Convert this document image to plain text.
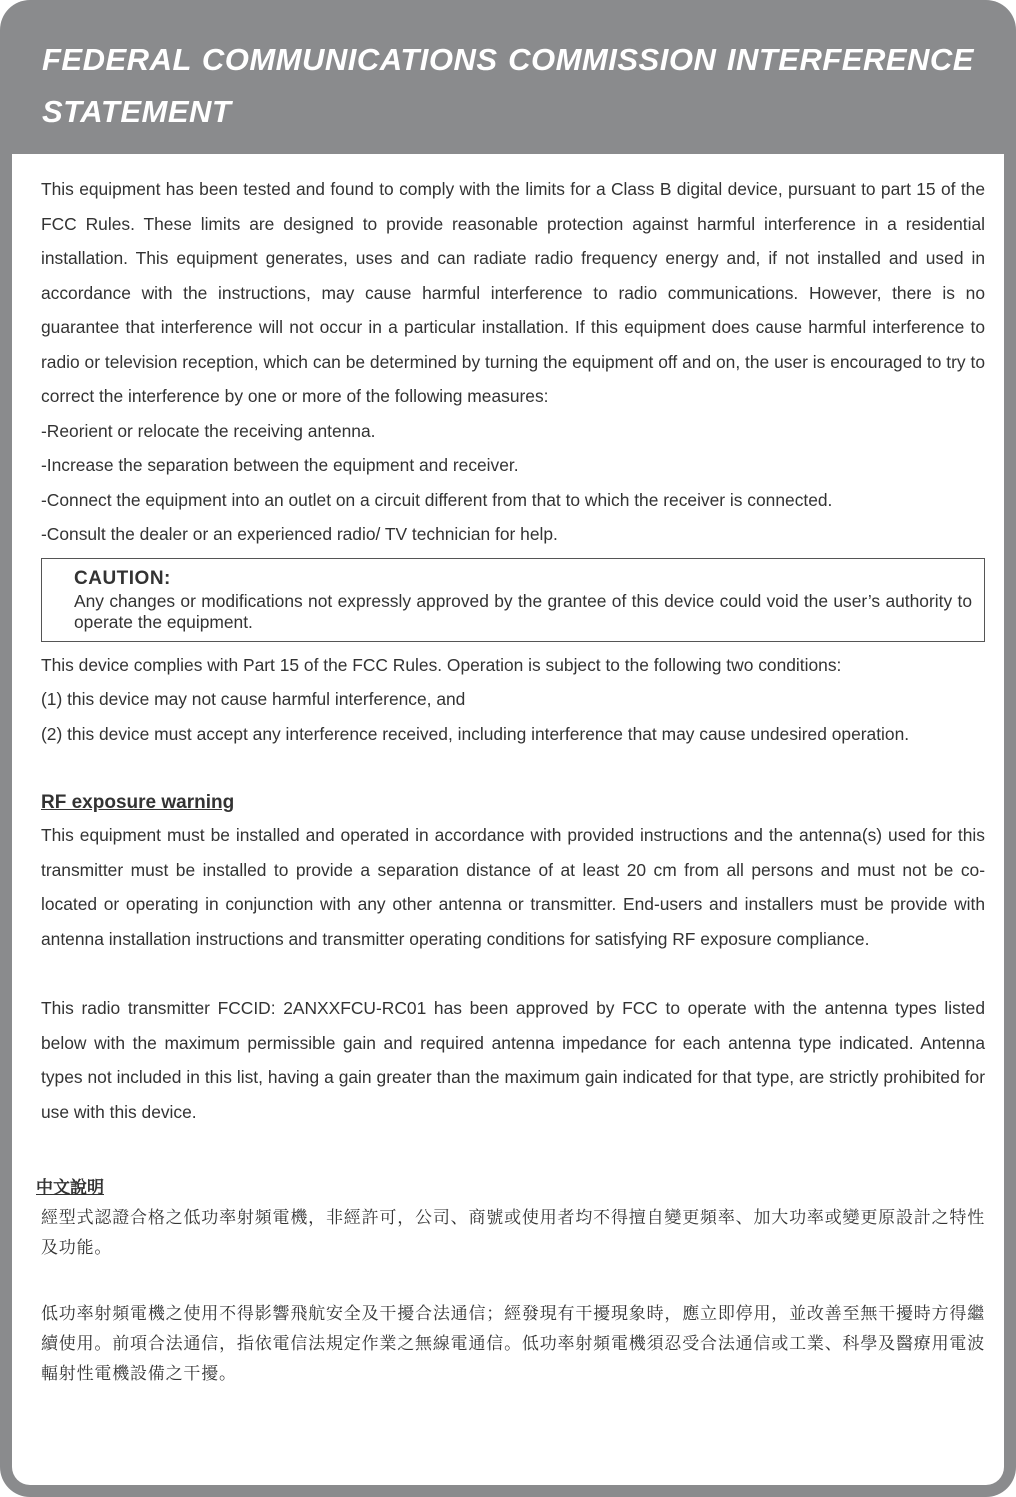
FEDERAL COMMUNICATIONS COMMISSION INTERFERENCE STATEMENT

This equipment has been tested and found to comply with the limits for a Class B digital device, pursuant to part 15 of the FCC Rules. These limits are designed to provide reasonable protection against harmful interference in a residential installation. This equipment generates, uses and can radiate radio frequency energy and, if not installed and used in accordance with the instructions, may cause harmful interference to radio communications. However, there is no guarantee that interference will not occur in a particular installation. If this equipment does cause harmful interference to radio or television reception, which can be determined by turning the equipment off and on, the user is encouraged to try to correct the interference by one or more of the following measures:

-Reorient or relocate the receiving antenna.

-Increase the separation between the equipment and receiver.

-Connect the equipment into an outlet on a circuit different from that to which the receiver is connected.

-Consult the dealer or an experienced radio/ TV technician for help.

CAUTION:
Any changes or modifications not expressly approved by the grantee of this device could void the user’s authority to operate the equipment.

This device complies with Part 15 of the FCC Rules. Operation is subject to the following two conditions:

(1) this device may not cause harmful interference, and

(2) this device must accept any interference received, including interference that may cause undesired operation.

RF exposure warning

This equipment must be installed and operated in accordance with provided instructions and the antenna(s) used for this transmitter must be installed to provide a separation distance of at least 20 cm from all persons and must not be co-located or operating in conjunction with any other antenna or transmitter. End-users and installers must be provide with antenna installation instructions and transmitter operating conditions for satisfying RF exposure compliance.

This radio transmitter FCCID: 2ANXXFCU-RC01 has been approved by FCC to operate with the antenna types listed below with the maximum permissible gain and required antenna impedance for each antenna type indicated. Antenna types not included in this list, having a gain greater than the maximum gain indicated for that type, are strictly prohibited for use with this device.

中文說明

經型式認證合格之低功率射頻電機，非經許可，公司、商號或使用者均不得擅自變更頻率、加大功率或變更原設計之特性及功能。

低功率射頻電機之使用不得影響飛航安全及干擾合法通信；經發現有干擾現象時，應立即停用，並改善至無干擾時方得繼續使用。前項合法通信，指依電信法規定作業之無線電通信。低功率射頻電機須忍受合法通信或工業、科學及醫療用電波輻射性電機設備之干擾。
